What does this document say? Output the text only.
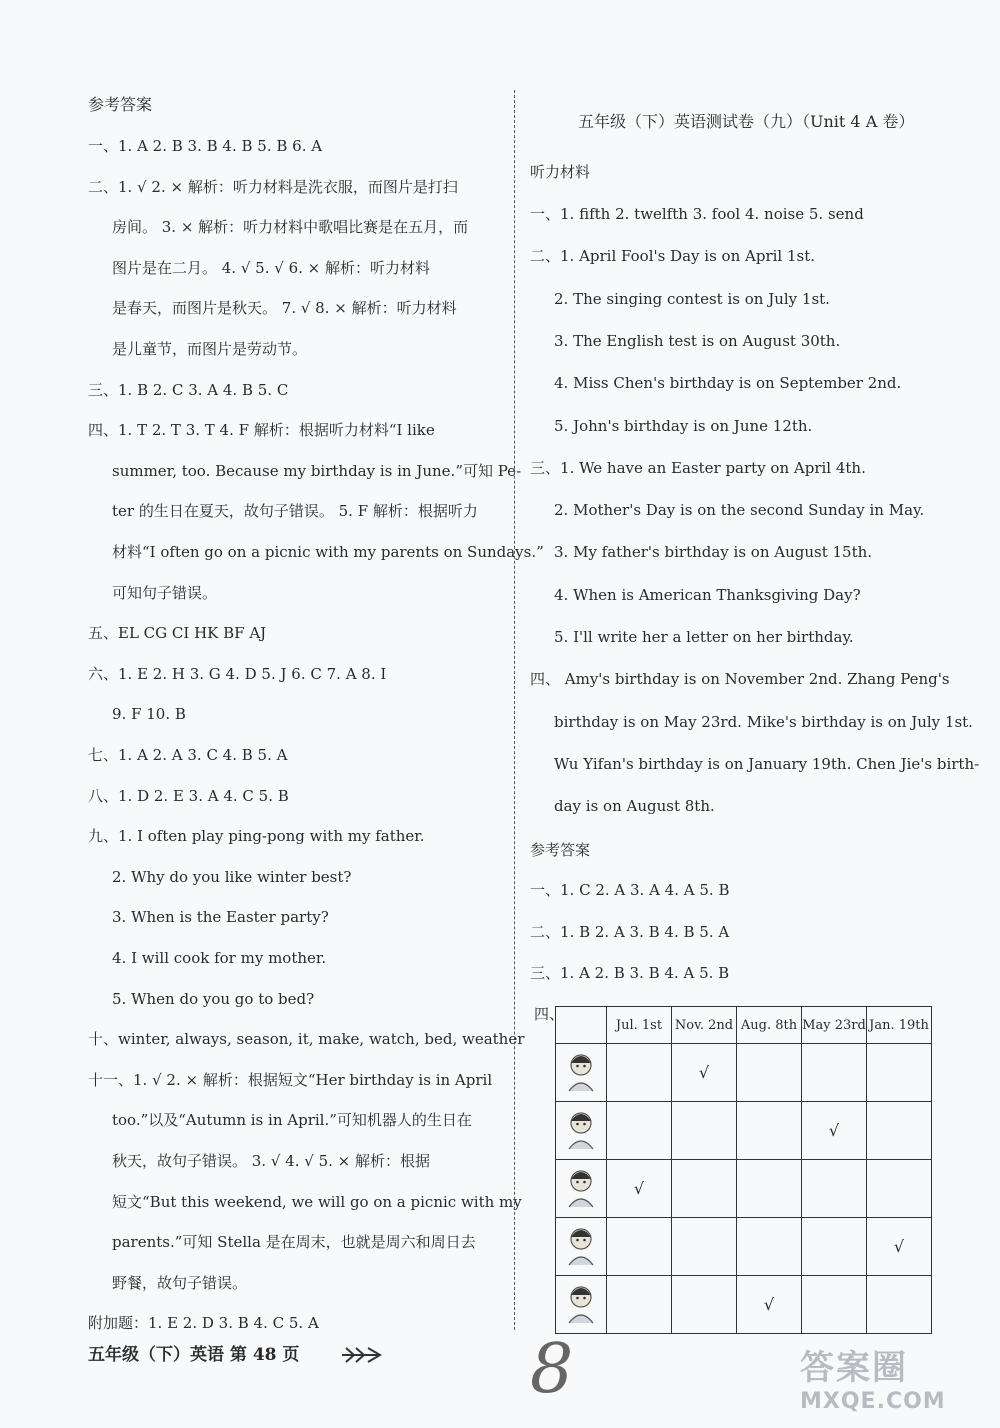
参考答案
一、1. A 2. B 3. B 4. B 5. B 6. A
二、1. √ 2. × 解析：听力材料是洗衣服，而图片是打扫
房间。 3. × 解析：听力材料中歌唱比赛是在五月，而
图片是在二月。 4. √ 5. √ 6. × 解析：听力材料
是春天，而图片是秋天。 7. √ 8. × 解析：听力材料
是儿童节，而图片是劳动节。
三、1. B 2. C 3. A 4. B 5. C
四、1. T 2. T 3. T 4. F 解析：根据听力材料“I like
summer, too. Because my birthday is in June.”可知 Pe-
ter 的生日在夏天，故句子错误。 5. F 解析：根据听力
材料“I often go on a picnic with my parents on Sundays.”
可知句子错误。
五、EL CG CI HK BF AJ
六、1. E 2. H 3. G 4. D 5. J 6. C 7. A 8. I
9. F 10. B
七、1. A 2. A 3. C 4. B 5. A
八、1. D 2. E 3. A 4. C 5. B
九、1. I often play ping-pong with my father.
2. Why do you like winter best?
3. When is the Easter party?
4. I will cook for my mother.
5. When do you go to bed?
十、winter, always, season, it, make, watch, bed, weather
十一、1. √ 2. × 解析：根据短文“Her birthday is in April
too.”以及“Autumn is in April.”可知机器人的生日在
秋天，故句子错误。 3. √ 4. √ 5. × 解析：根据
短文“But this weekend, we will go on a picnic with my
parents.”可知 Stella 是在周末，也就是周六和周日去
野餐，故句子错误。
附加题：1. E 2. D 3. B 4. C 5. A
五年级（下）英语 第 48 页
五年级（下）英语测试卷（九）（Unit 4 A 卷）
听力材料
一、1. fifth 2. twelfth 3. fool 4. noise 5. send
二、1. April Fool's Day is on April 1st.
2. The singing contest is on July 1st.
3. The English test is on August 30th.
4. Miss Chen's birthday is on September 2nd.
5. John's birthday is on June 12th.
三、1. We have an Easter party on April 4th.
2. Mother's Day is on the second Sunday in May.
3. My father's birthday is on August 15th.
4. When is American Thanksgiving Day?
5. I'll write her a letter on her birthday.
四、 Amy's birthday is on November 2nd. Zhang Peng's
birthday is on May 23rd. Mike's birthday is on July 1st.
Wu Yifan's birthday is on January 19th. Chen Jie's birth-
day is on August 8th.
参考答案
一、1. C 2. A 3. A 4. A 5. B
二、1. B 2. A 3. B 4. B 5. A
三、1. A 2. B 3. B 4. A 5. B
四、
	Jul. 1st	Nov. 2nd	Aug. 8th	May 23rd	Jan. 19th
		√			
				√	
	√				
					√
			√		
8	答案圈
MXQE.COM
